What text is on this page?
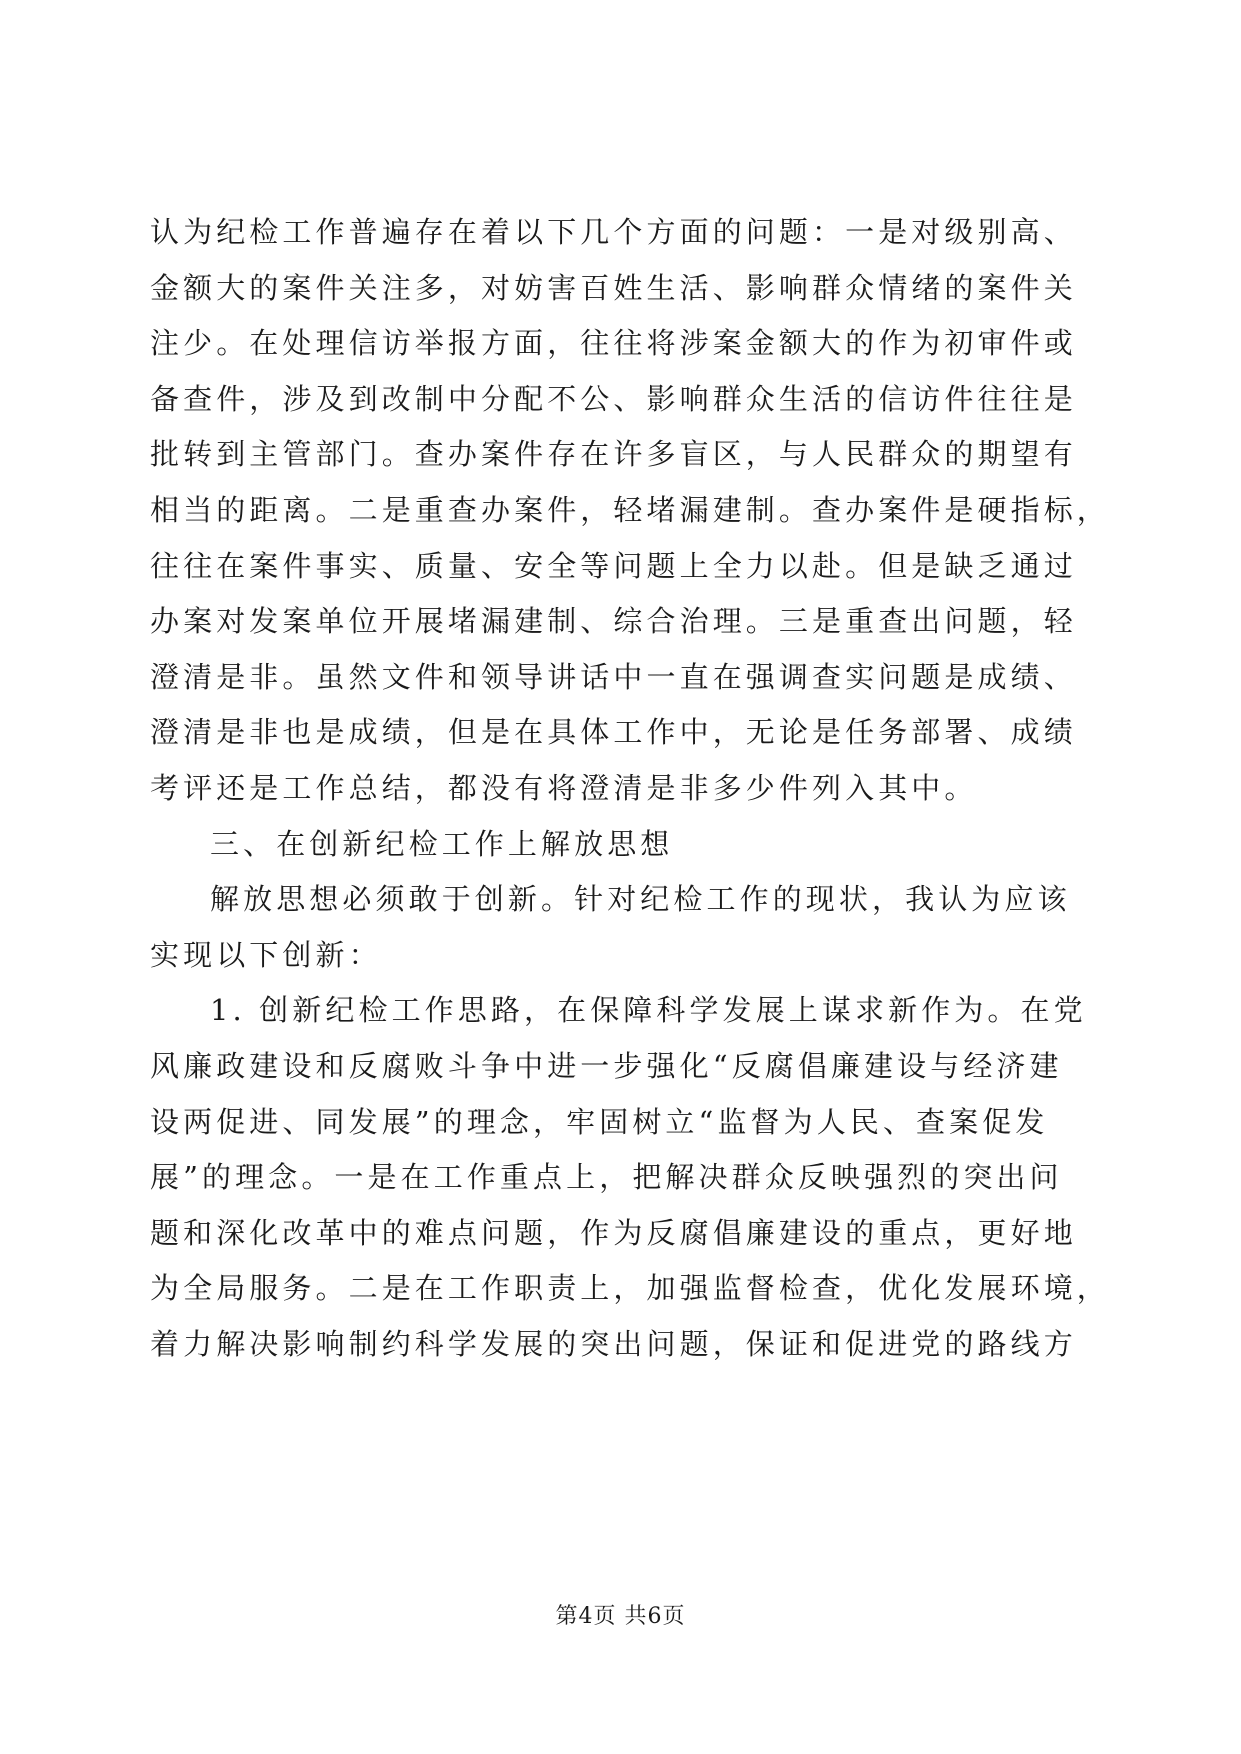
认为纪检工作普遍存在着以下几个方面的问题：一是对级别高、
金额大的案件关注多，对妨害百姓生活、影响群众情绪的案件关
注少。在处理信访举报方面，往往将涉案金额大的作为初审件或
备查件，涉及到改制中分配不公、影响群众生活的信访件往往是
批转到主管部门。查办案件存在许多盲区，与人民群众的期望有
相当的距离。二是重查办案件，轻堵漏建制。查办案件是硬指标，
往往在案件事实、质量、安全等问题上全力以赴。但是缺乏通过
办案对发案单位开展堵漏建制、综合治理。三是重查出问题，轻
澄清是非。虽然文件和领导讲话中一直在强调查实问题是成绩、
澄清是非也是成绩，但是在具体工作中，无论是任务部署、成绩
考评还是工作总结，都没有将澄清是非多少件列入其中。
三、在创新纪检工作上解放思想
解放思想必须敢于创新。针对纪检工作的现状，我认为应该
实现以下创新：
1. 创新纪检工作思路，在保障科学发展上谋求新作为。在党
风廉政建设和反腐败斗争中进一步强化“反腐倡廉建设与经济建
设两促进、同发展”的理念，牢固树立“监督为人民、查案促发
展”的理念。一是在工作重点上，把解决群众反映强烈的突出问
题和深化改革中的难点问题，作为反腐倡廉建设的重点，更好地
为全局服务。二是在工作职责上，加强监督检查，优化发展环境，
着力解决影响制约科学发展的突出问题，保证和促进党的路线方
第4页 共6页
